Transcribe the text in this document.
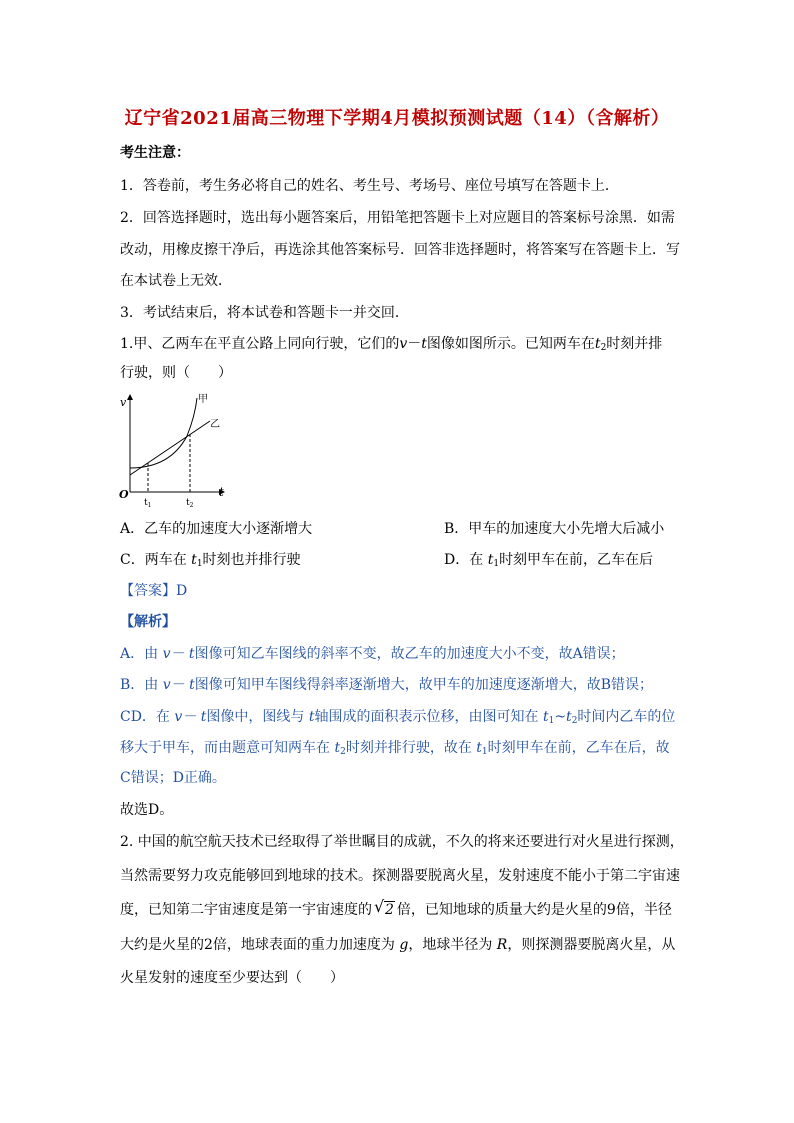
辽宁省2021届高三物理下学期4月模拟预测试题（14）（含解析）
考生注意：
1．答卷前，考生务必将自己的姓名、考生号、考场号、座位号填写在答题卡上．
2．回答选择题时，选出每小题答案后，用铅笔把答题卡上对应题目的答案标号涂黑．如需
改动，用橡皮擦干净后，再选涂其他答案标号．回答非选择题时，将答案写在答题卡上．写
在本试卷上无效．
3．考试结束后，将本试卷和答题卡一并交回．
1.甲、乙两车在平直公路上同向行驶，它们的v－t图像如图所示。已知两车在$t_2$时刻并排
行驶，则（　　）
v
t
O
$t_1$	$t_2$
甲
乙
A．乙车的加速度大小逐渐增大	B．甲车的加速度大小先增大后减小
C．两车在 $t_1$时刻也并排行驶	D．在 $t_1$时刻甲车在前，乙车在后
【答案】D
【解析】
A．由 v－ t图像可知乙车图线的斜率不变，故乙车的加速度大小不变，故A错误；
B．由 v－ t图像可知甲车图线得斜率逐渐增大，故甲车的加速度逐渐增大，故B错误；
CD．在 v－ t图像中，图线与 t轴围成的面积表示位移，由图可知在 $t_1\sim t_2$时间内乙车的位
移大于甲车，而由题意可知两车在 $t_2$时刻并排行驶，故在 $t_1$时刻甲车在前，乙车在后，故
C错误；D正确。
故选D。
2. 中国的航空航天技术已经取得了举世瞩目的成就，不久的将来还要进行对火星进行探测，
当然需要努力攻克能够回到地球的技术。探测器要脱离火星，发射速度不能小于第二宇宙速
度，已知第二宇宙速度是第一宇宙速度的 √ 2 倍，已知地球的质量大约是火星的9倍，半径
大约是火星的2倍，地球表面的重力加速度为 g，地球半径为 R，则探测器要脱离火星，从
火星发射的速度至少要达到（　　）
